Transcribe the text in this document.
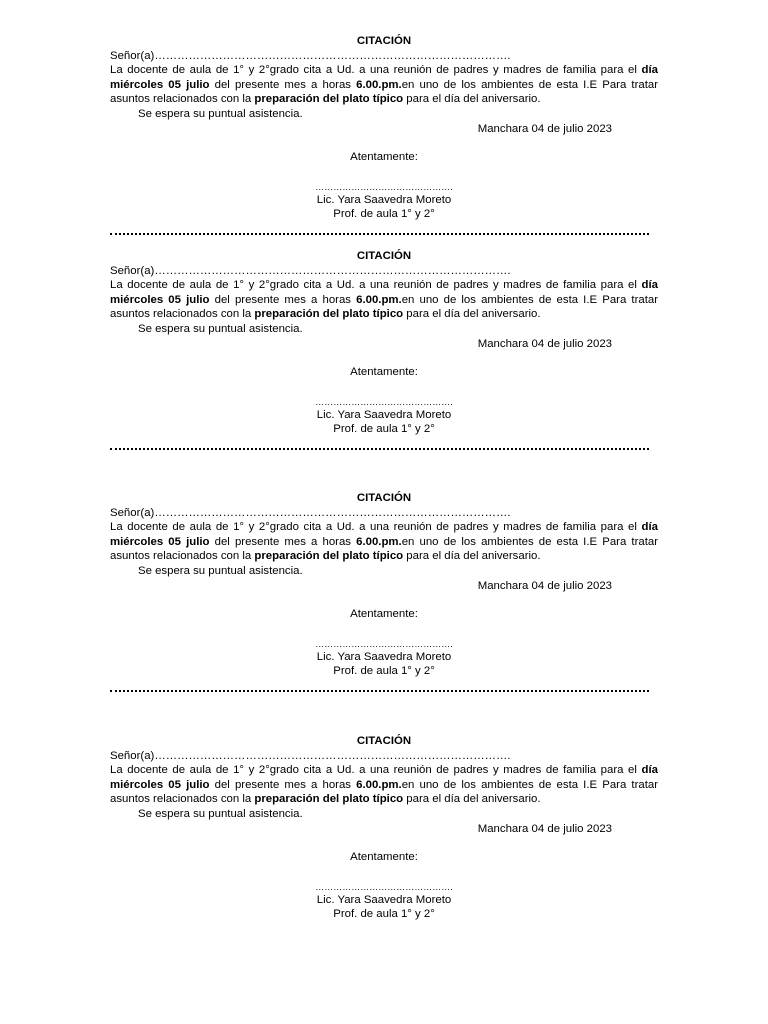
CITACIÓN

Señor(a)………………………………………………………………………………….

La docente de aula de 1° y 2°grado cita a Ud. a una reunión de padres y madres de familia para el día miércoles 05 julio del presente mes a horas 6.00.pm.en uno de los ambientes de esta I.E Para tratar asuntos relacionados con la preparación del plato típico para el día del aniversario.

Se espera su puntual asistencia.

Manchara 04 de julio 2023

Atentamente:

……………………………………….

Lic. Yara Saavedra Moreto

Prof. de aula 1° y 2°

CITACIÓN

Señor(a)………………………………………………………………………………….

La docente de aula de 1° y 2°grado cita a Ud. a una reunión de padres y madres de familia para el día miércoles 05 julio del presente mes a horas 6.00.pm.en uno de los ambientes de esta I.E Para tratar asuntos relacionados con la preparación del plato típico para el día del aniversario.

Se espera su puntual asistencia.

Manchara 04 de julio 2023

Atentamente:

……………………………………….

Lic. Yara Saavedra Moreto

Prof. de aula 1° y 2°

CITACIÓN

Señor(a)………………………………………………………………………………….

La docente de aula de 1° y 2°grado cita a Ud. a una reunión de padres y madres de familia para el día miércoles 05 julio del presente mes a horas 6.00.pm.en uno de los ambientes de esta I.E Para tratar asuntos relacionados con la preparación del plato típico para el día del aniversario.

Se espera su puntual asistencia.

Manchara 04 de julio 2023

Atentamente:

……………………………………….

Lic. Yara Saavedra Moreto

Prof. de aula 1° y 2°

CITACIÓN

Señor(a)………………………………………………………………………………….

La docente de aula de 1° y 2°grado cita a Ud. a una reunión de padres y madres de familia para el día miércoles 05 julio del presente mes a horas 6.00.pm.en uno de los ambientes de esta I.E Para tratar asuntos relacionados con la preparación del plato típico para el día del aniversario.

Se espera su puntual asistencia.

Manchara 04 de julio 2023

Atentamente:

……………………………………….

Lic. Yara Saavedra Moreto

Prof. de aula 1° y 2°
